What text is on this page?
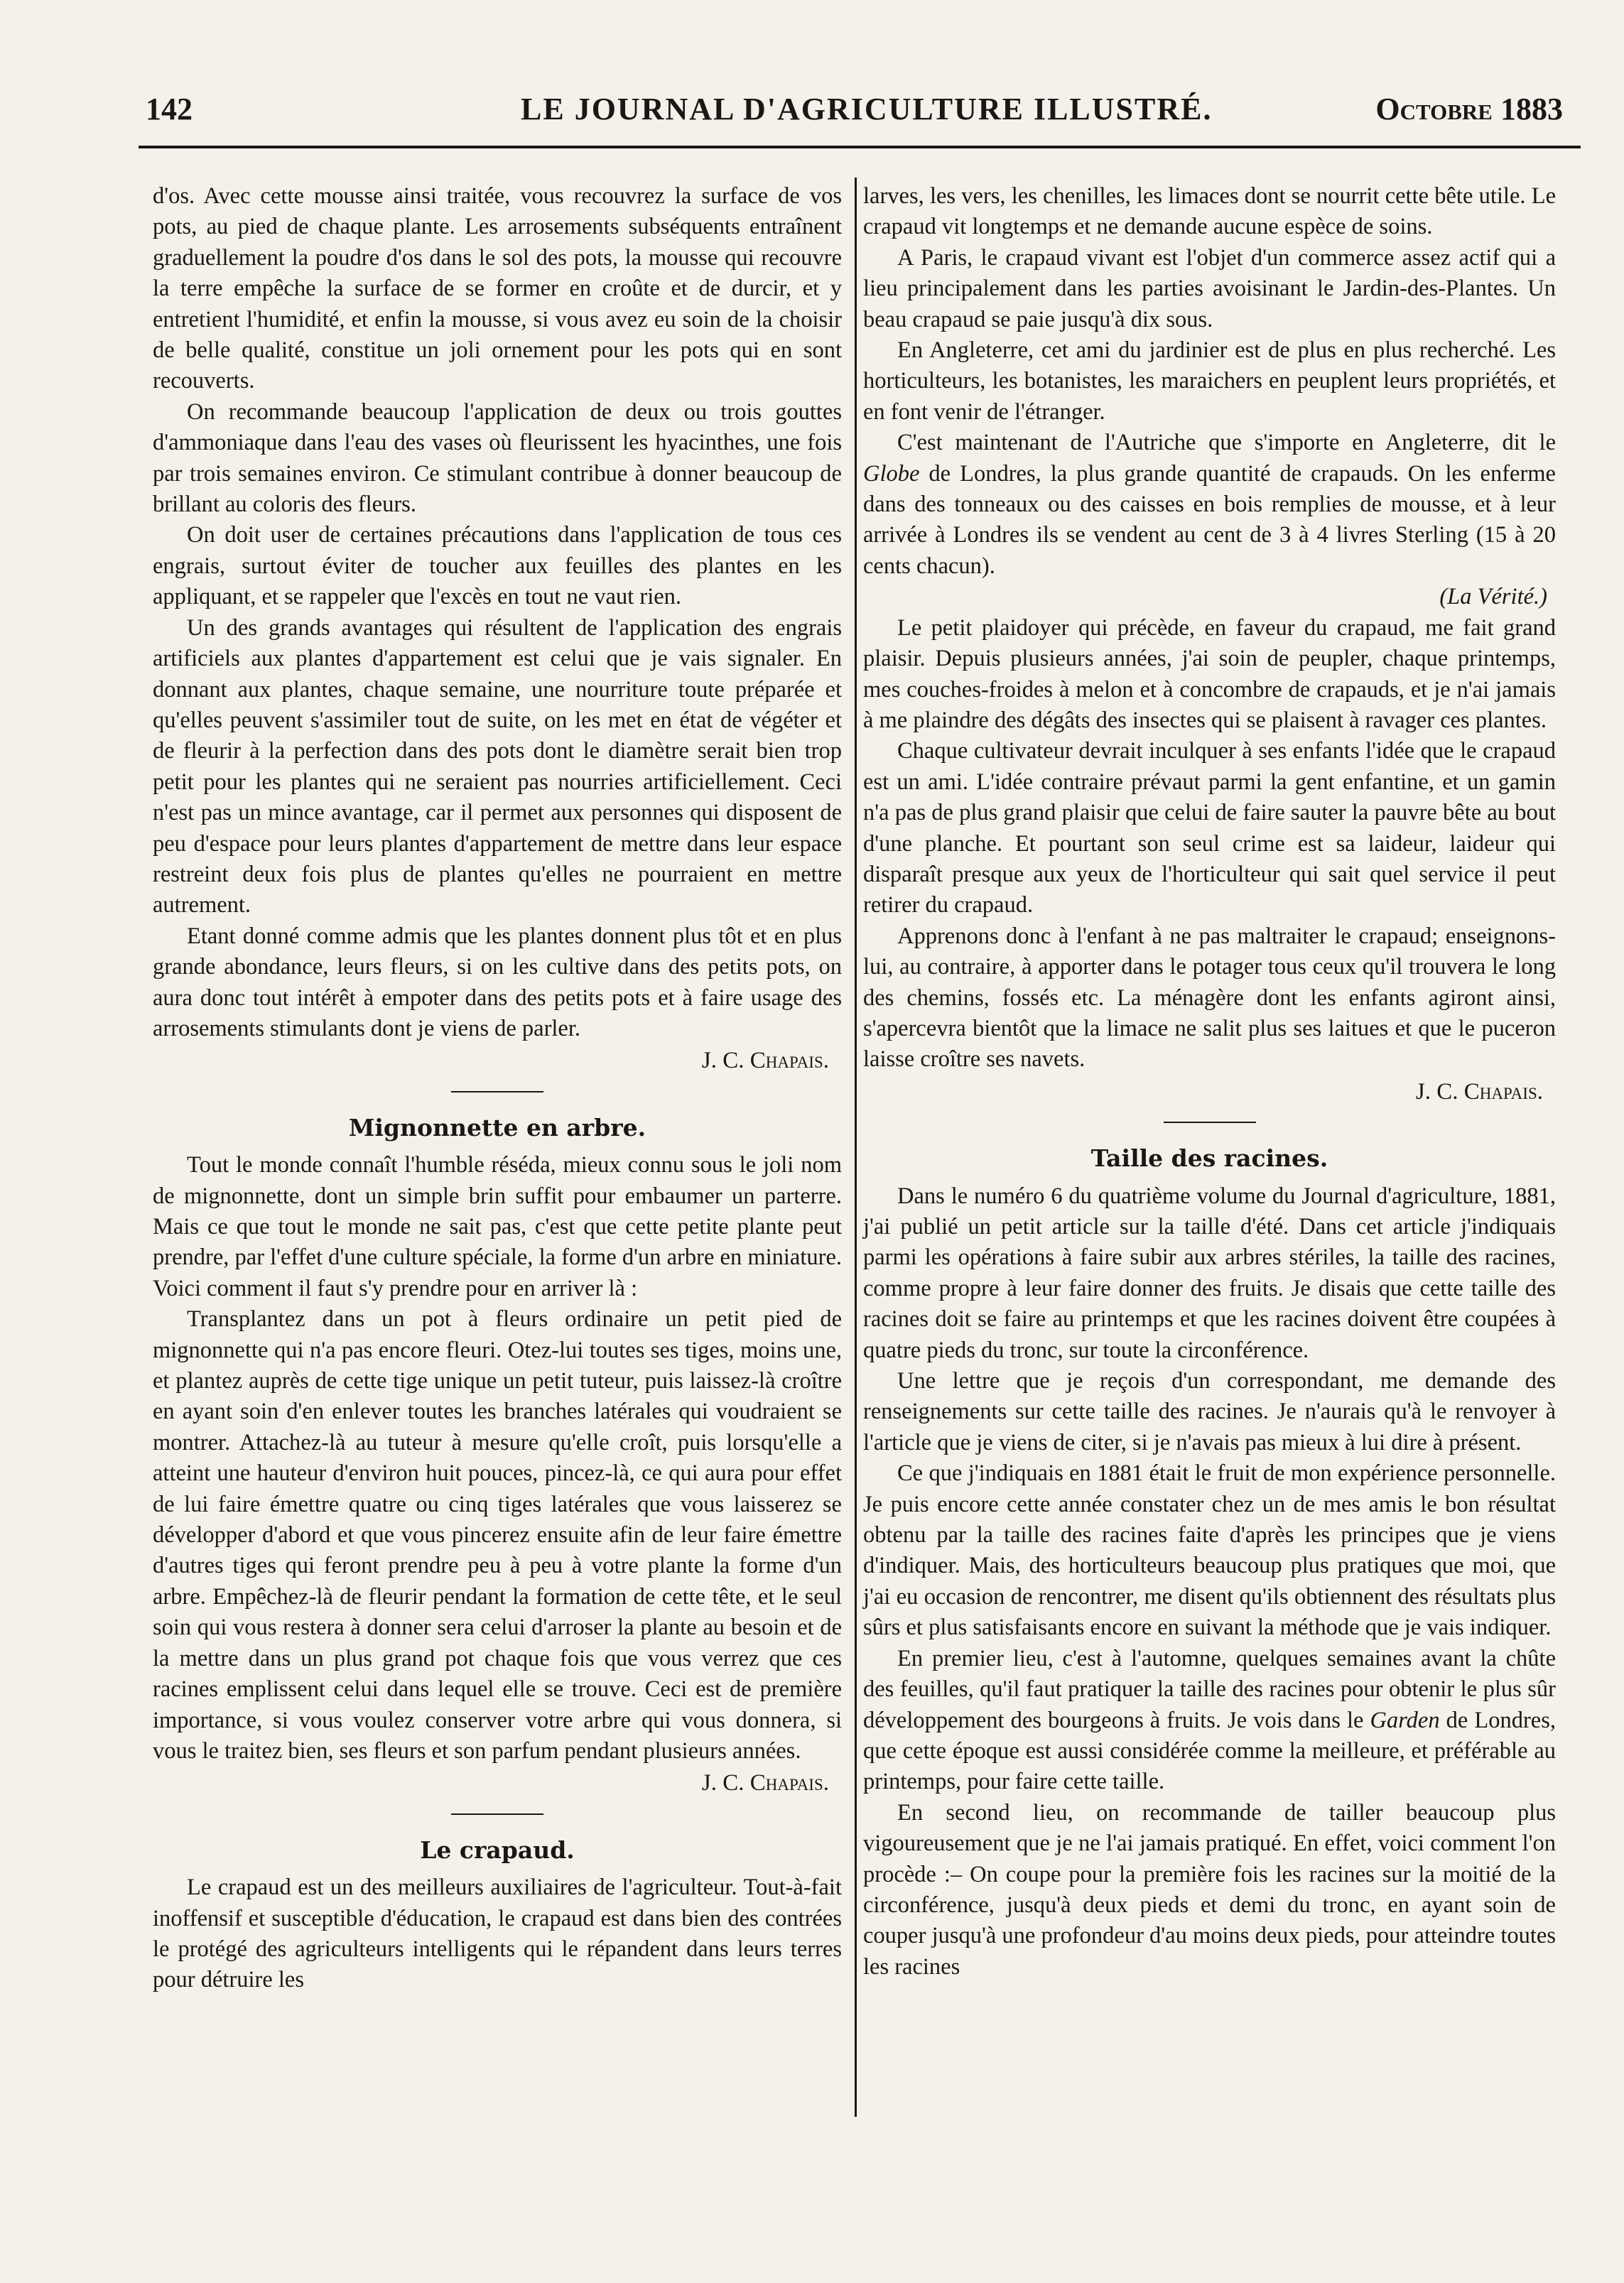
142	LE JOURNAL D'AGRICULTURE ILLUSTRÉ.	Octobre 1883

d'os. Avec cette mousse ainsi traitée, vous recouvrez la surface de vos pots, au pied de chaque plante. Les arrosements subséquents entraînent graduellement la poudre d'os dans le sol des pots, la mousse qui recouvre la terre empêche la surface de se former en croûte et de durcir, et y entretient l'humidité, et enfin la mousse, si vous avez eu soin de la choisir de belle qualité, constitue un joli ornement pour les pots qui en sont recouverts.

On recommande beaucoup l'application de deux ou trois gouttes d'ammoniaque dans l'eau des vases où fleurissent les hyacinthes, une fois par trois semaines environ. Ce stimulant contribue à donner beaucoup de brillant au coloris des fleurs.

On doit user de certaines précautions dans l'application de tous ces engrais, surtout éviter de toucher aux feuilles des plantes en les appliquant, et se rappeler que l'excès en tout ne vaut rien.

Un des grands avantages qui résultent de l'application des engrais artificiels aux plantes d'appartement est celui que je vais signaler. En donnant aux plantes, chaque semaine, une nourriture toute préparée et qu'elles peuvent s'assimiler tout de suite, on les met en état de végéter et de fleurir à la perfection dans des pots dont le diamètre serait bien trop petit pour les plantes qui ne seraient pas nourries artificiellement. Ceci n'est pas un mince avantage, car il permet aux personnes qui disposent de peu d'espace pour leurs plantes d'appartement de mettre dans leur espace restreint deux fois plus de plantes qu'elles ne pourraient en mettre autrement.

Etant donné comme admis que les plantes donnent plus tôt et en plus grande abondance, leurs fleurs, si on les cultive dans des petits pots, on aura donc tout intérêt à empoter dans des petits pots et à faire usage des arrosements stimulants dont je viens de parler.

J. C. Chapais.
Mignonnette en arbre.

Tout le monde connaît l'humble réséda, mieux connu sous le joli nom de mignonnette, dont un simple brin suffit pour embaumer un parterre. Mais ce que tout le monde ne sait pas, c'est que cette petite plante peut prendre, par l'effet d'une culture spéciale, la forme d'un arbre en miniature. Voici comment il faut s'y prendre pour en arriver là :

Transplantez dans un pot à fleurs ordinaire un petit pied de mignonnette qui n'a pas encore fleuri. Otez-lui toutes ses tiges, moins une, et plantez auprès de cette tige unique un petit tuteur, puis laissez-là croître en ayant soin d'en enlever toutes les branches latérales qui voudraient se montrer. Attachez-là au tuteur à mesure qu'elle croît, puis lorsqu'elle a atteint une hauteur d'environ huit pouces, pincez-là, ce qui aura pour effet de lui faire émettre quatre ou cinq tiges latérales que vous laisserez se développer d'abord et que vous pincerez ensuite afin de leur faire émettre d'autres tiges qui feront prendre peu à peu à votre plante la forme d'un arbre. Empêchez-là de fleurir pendant la formation de cette tête, et le seul soin qui vous restera à donner sera celui d'arroser la plante au besoin et de la mettre dans un plus grand pot chaque fois que vous verrez que ces racines emplissent celui dans lequel elle se trouve. Ceci est de première importance, si vous voulez conserver votre arbre qui vous donnera, si vous le traitez bien, ses fleurs et son parfum pendant plusieurs années.

J. C. Chapais.
Le crapaud.

Le crapaud est un des meilleurs auxiliaires de l'agriculteur. Tout-à-fait inoffensif et susceptible d'éducation, le crapaud est dans bien des contrées le protégé des agriculteurs intelligents qui le répandent dans leurs terres pour détruire les

larves, les vers, les chenilles, les limaces dont se nourrit cette bête utile. Le crapaud vit longtemps et ne demande aucune espèce de soins.

A Paris, le crapaud vivant est l'objet d'un commerce assez actif qui a lieu principalement dans les parties avoisinant le Jardin-des-Plantes. Un beau crapaud se paie jusqu'à dix sous.

En Angleterre, cet ami du jardinier est de plus en plus recherché. Les horticulteurs, les botanistes, les maraichers en peuplent leurs propriétés, et en font venir de l'étranger.

C'est maintenant de l'Autriche que s'importe en Angleterre, dit le Globe de Londres, la plus grande quantité de crapauds. On les enferme dans des tonneaux ou des caisses en bois remplies de mousse, et à leur arrivée à Londres ils se vendent au cent de 3 à 4 livres Sterling (15 à 20 cents chacun).

(La Vérité.)

Le petit plaidoyer qui précède, en faveur du crapaud, me fait grand plaisir. Depuis plusieurs années, j'ai soin de peupler, chaque printemps, mes couches-froides à melon et à concombre de crapauds, et je n'ai jamais à me plaindre des dégâts des insectes qui se plaisent à ravager ces plantes.

Chaque cultivateur devrait inculquer à ses enfants l'idée que le crapaud est un ami. L'idée contraire prévaut parmi la gent enfantine, et un gamin n'a pas de plus grand plaisir que celui de faire sauter la pauvre bête au bout d'une planche. Et pourtant son seul crime est sa laideur, laideur qui disparaît presque aux yeux de l'horticulteur qui sait quel service il peut retirer du crapaud.

Apprenons donc à l'enfant à ne pas maltraiter le crapaud; enseignons-lui, au contraire, à apporter dans le potager tous ceux qu'il trouvera le long des chemins, fossés etc. La ménagère dont les enfants agiront ainsi, s'apercevra bientôt que la limace ne salit plus ses laitues et que le puceron laisse croître ses navets.

J. C. Chapais.
Taille des racines.

Dans le numéro 6 du quatrième volume du Journal d'agriculture, 1881, j'ai publié un petit article sur la taille d'été. Dans cet article j'indiquais parmi les opérations à faire subir aux arbres stériles, la taille des racines, comme propre à leur faire donner des fruits. Je disais que cette taille des racines doit se faire au printemps et que les racines doivent être coupées à quatre pieds du tronc, sur toute la circonférence.

Une lettre que je reçois d'un correspondant, me demande des renseignements sur cette taille des racines. Je n'aurais qu'à le renvoyer à l'article que je viens de citer, si je n'avais pas mieux à lui dire à présent.

Ce que j'indiquais en 1881 était le fruit de mon expérience personnelle. Je puis encore cette année constater chez un de mes amis le bon résultat obtenu par la taille des racines faite d'après les principes que je viens d'indiquer. Mais, des horticulteurs beaucoup plus pratiques que moi, que j'ai eu occasion de rencontrer, me disent qu'ils obtiennent des résultats plus sûrs et plus satisfaisants encore en suivant la méthode que je vais indiquer.

En premier lieu, c'est à l'automne, quelques semaines avant la chûte des feuilles, qu'il faut pratiquer la taille des racines pour obtenir le plus sûr développement des bourgeons à fruits. Je vois dans le Garden de Londres, que cette époque est aussi considérée comme la meilleure, et préférable au printemps, pour faire cette taille.

En second lieu, on recommande de tailler beaucoup plus vigoureusement que je ne l'ai jamais pratiqué. En effet, voici comment l'on procède :– On coupe pour la première fois les racines sur la moitié de la circonférence, jusqu'à deux pieds et demi du tronc, en ayant soin de couper jusqu'à une profondeur d'au moins deux pieds, pour atteindre toutes les racines
